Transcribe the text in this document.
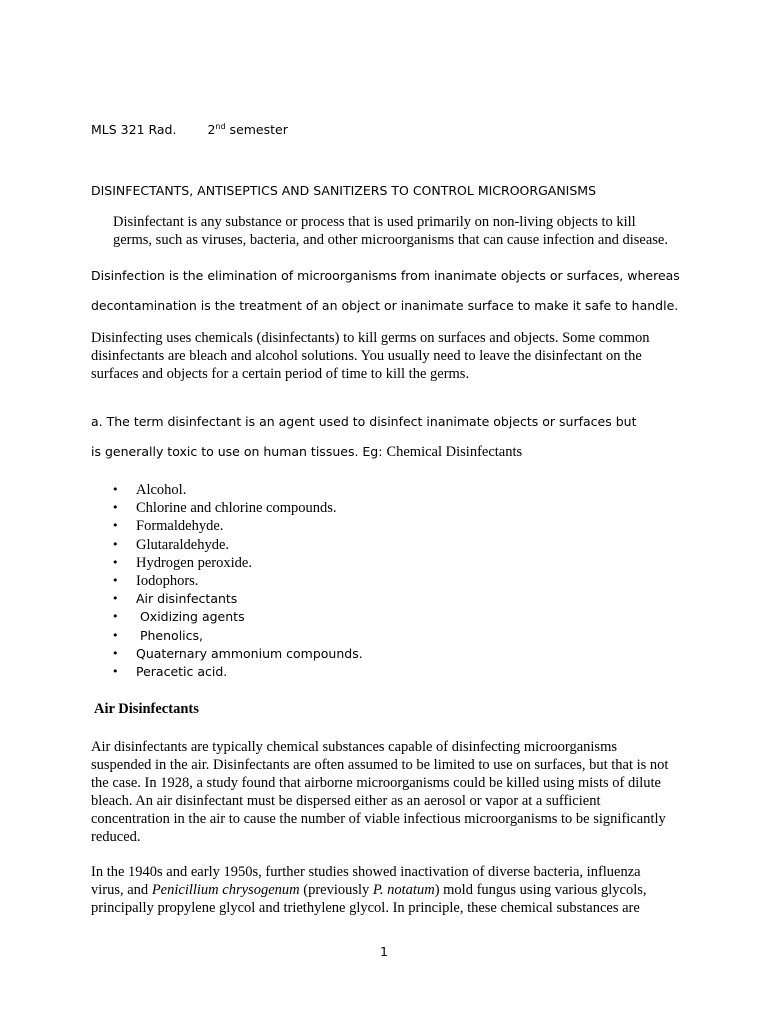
MLS 321 Rad. 2nd semester

DISINFECTANTS, ANTISEPTICS AND SANITIZERS TO CONTROL MICROORGANISMS

Disinfectant is any substance or process that is used primarily on non-living objects to kill germs, such as viruses, bacteria, and other microorganisms that can cause infection and disease.

Disinfection is the elimination of microorganisms from inanimate objects or surfaces, whereas

decontamination is the treatment of an object or inanimate surface to make it safe to handle.

Disinfecting uses chemicals (disinfectants) to kill germs on surfaces and objects. Some common disinfectants are bleach and alcohol solutions. You usually need to leave the disinfectant on the surfaces and objects for a certain period of time to kill the germs.

a. The term disinfectant is an agent used to disinfect inanimate objects or surfaces but

is generally toxic to use on human tissues. Eg: Chemical Disinfectants

• Alcohol.
• Chlorine and chlorine compounds.
• Formaldehyde.
• Glutaraldehyde.
• Hydrogen peroxide.
• Iodophors.
• Air disinfectants
•  Oxidizing agents
•  Phenolics,
• Quaternary ammonium compounds.
• Peracetic acid.

Air Disinfectants

Air disinfectants are typically chemical substances capable of disinfecting microorganisms suspended in the air. Disinfectants are often assumed to be limited to use on surfaces, but that is not the case. In 1928, a study found that airborne microorganisms could be killed using mists of dilute bleach. An air disinfectant must be dispersed either as an aerosol or vapor at a sufficient concentration in the air to cause the number of viable infectious microorganisms to be significantly reduced.

In the 1940s and early 1950s, further studies showed inactivation of diverse bacteria, influenza virus, and Penicillium chrysogenum (previously P. notatum) mold fungus using various glycols, principally propylene glycol and triethylene glycol. In principle, these chemical substances are

1
